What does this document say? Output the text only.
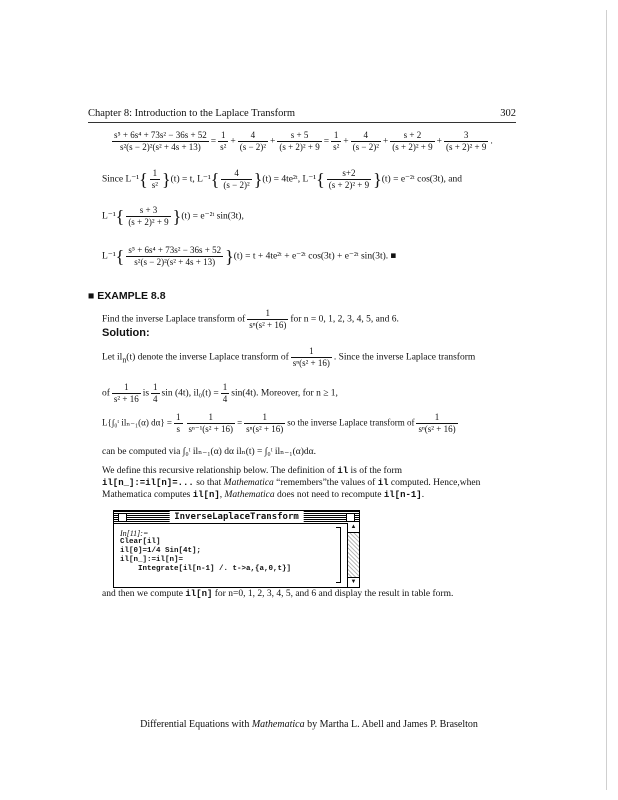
Chapter 8: Introduction to the Laplace Transform	302
$\frac{\text{s⁵ + 6s⁴ + 73s² − 36s + 52}}{\text{s²(s − 2)²(s² + 4s + 13)}} = \frac{1}{\text{s²}} + \frac{4}{\text{(s − 2)²}} + \frac{s + 5}{\text{(s + 2)² + 9}} = \frac{1}{\text{s²}} + \frac{4}{\text{(s − 2)²}} + \frac{s + 2}{\text{(s + 2)² + 9}} + \frac{3}{\text{(s + 2)² + 9}}$ .
Since $L^{-1}\{ \frac{1}{\text{s²}} \}(t) = t$, $L^{-1}\{ \frac{4}{\text{(s − 2)²}} \}(t)$ = 4te²ᵗ, $L^{-1}\{ \frac{s+2}{\text{(s + 2)² + 9}} \}(t)$ = e⁻²ᵗ cos(3t), and
$L^{-1}\{ \frac{s + 3}{\text{(s + 2)² + 9}} \}(t)$ = e⁻²ᵗ sin(3t),
$L^{-1}\{ \frac{\text{s⁵ + 6s⁴ + 73s² − 36s + 52}}{\text{s²(s − 2)²(s² + 4s + 13)}} \}(t) = t$ + 4te²ᵗ + e⁻²ᵗ cos(3t) + e⁻²ᵗ sin(3t). ■
■ EXAMPLE 8.8
Find the inverse Laplace transform of $\frac{1}{\text{sⁿ(s² + 16)}}$ for n = 0, 1, 2, 3, 4, 5, and 6.
Solution:
Let $il_n(t)$ denote the inverse Laplace transform of $\frac{1}{\text{sⁿ(s² + 16)}}$ . Since the inverse Laplace transform
of $\frac{1}{\text{s² + 16}}$ is $\frac{1}{4}$ sin (4t), $il_0(t) = \frac{1}{4} \sin(4t)$. Moreover, for n ≥ 1,
L{∫₀ᵗ ilₙ₋₁(α) $d\alpha\} = \frac{1}{s} \frac{1}{\text{sⁿ⁻¹(s² + 16)}} = \frac{1}{\text{sⁿ(s² + 16)}}$ so the inverse Laplace transform of $\frac{1}{\text{sⁿ(s² + 16)}}$
can be computed via ∫₀ᵗ ilₙ₋₁(α) dα ilₙ(t) = ∫₀ᵗ ilₙ₋₁(α)dα.
We define this recursive relationship below. The definition of il is of the form
il[n_]:=il[n]=... so that Mathematica “remembers”the values of il computed. Hence,when
Mathematica computes il[n], Mathematica does not need to recompute il[n-1].
InverseLaplaceTransform
In[11]:=
Clear[il]
il[0]=1/4 Sin[4t];
il[n_]:=il[n]=
Integrate[il[n-1] /. t->a,{a,0,t}]
▲
▼
and then we compute il[n] for n=0, 1, 2, 3, 4, 5, and 6 and display the result in table form.
Differential Equations with Mathematica by Martha L. Abell and James P. Braselton
